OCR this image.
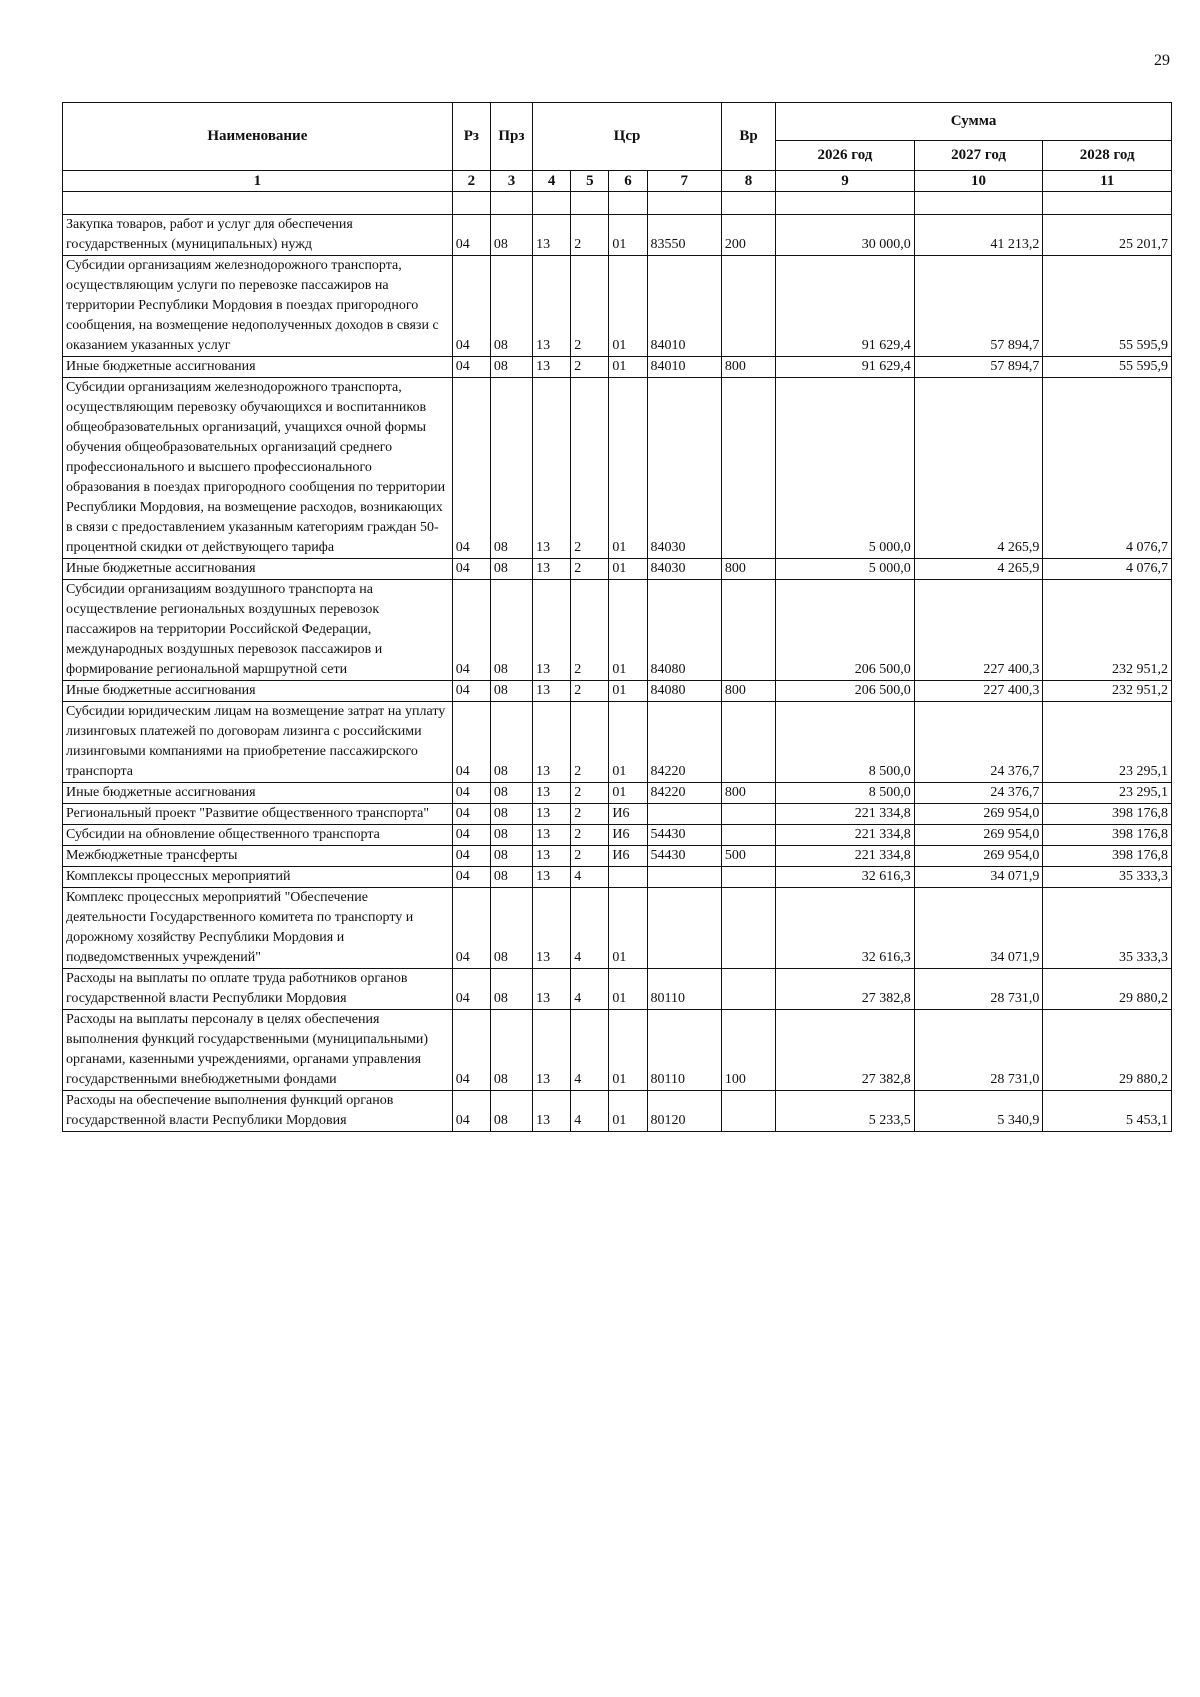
29
Наименование	Рз	Прз	Цср				Вр	Сумма		
								2026 год	2027 год	2028 год
1	2	3	4	5	6	7	8	9	10	11

Закупка товаров, работ и услуг для обеспечения государственных (муниципальных) нужд	04	08	13	2	01	83550	200	30 000,0	41 213,2	25 201,7
Субсидии организациям железнодорожного транспорта, осуществляющим услуги по перевозке пассажиров на территории Республики Мордовия в поездах пригородного сообщения, на возмещение недополученных доходов в связи с оказанием указанных услуг	04	08	13	2	01	84010		91 629,4	57 894,7	55 595,9
Иные бюджетные ассигнования	04	08	13	2	01	84010	800	91 629,4	57 894,7	55 595,9
Субсидии организациям железнодорожного транспорта, осуществляющим перевозку обучающихся и воспитанников общеобразовательных организаций, учащихся очной формы обучения общеобразовательных организаций среднего профессионального и высшего профессионального образования в поездах пригородного сообщения по территории Республики Мордовия, на возмещение расходов, возникающих в связи с предоставлением указанным категориям граждан 50-процентной скидки от действующего тарифа	04	08	13	2	01	84030		5 000,0	4 265,9	4 076,7
Иные бюджетные ассигнования	04	08	13	2	01	84030	800	5 000,0	4 265,9	4 076,7
Субсидии организациям воздушного транспорта на осуществление региональных воздушных перевозок пассажиров на территории Российской Федерации, международных воздушных перевозок пассажиров и формирование региональной маршрутной сети	04	08	13	2	01	84080		206 500,0	227 400,3	232 951,2
Иные бюджетные ассигнования	04	08	13	2	01	84080	800	206 500,0	227 400,3	232 951,2
Субсидии юридическим лицам на возмещение затрат на уплату лизинговых платежей по договорам лизинга с российскими лизинговыми компаниями на приобретение пассажирского транспорта	04	08	13	2	01	84220		8 500,0	24 376,7	23 295,1
Иные бюджетные ассигнования	04	08	13	2	01	84220	800	8 500,0	24 376,7	23 295,1
Региональный проект "Развитие общественного транспорта"	04	08	13	2	И6			221 334,8	269 954,0	398 176,8
Субсидии на обновление общественного транспорта	04	08	13	2	И6	54430		221 334,8	269 954,0	398 176,8
Межбюджетные трансферты	04	08	13	2	И6	54430	500	221 334,8	269 954,0	398 176,8
Комплексы процессных мероприятий	04	08	13	4				32 616,3	34 071,9	35 333,3
Комплекс процессных мероприятий "Обеспечение деятельности Государственного комитета по транспорту и дорожному хозяйству Республики Мордовия и подведомственных учреждений"	04	08	13	4	01			32 616,3	34 071,9	35 333,3
Расходы на выплаты по оплате труда работников органов государственной власти Республики Мордовия	04	08	13	4	01	80110		27 382,8	28 731,0	29 880,2
Расходы на выплаты персоналу в целях обеспечения выполнения функций государственными (муниципальными) органами, казенными учреждениями, органами управления государственными внебюджетными фондами	04	08	13	4	01	80110	100	27 382,8	28 731,0	29 880,2
Расходы на обеспечение выполнения функций органов государственной власти Республики Мордовия	04	08	13	4	01	80120		5 233,5	5 340,9	5 453,1
